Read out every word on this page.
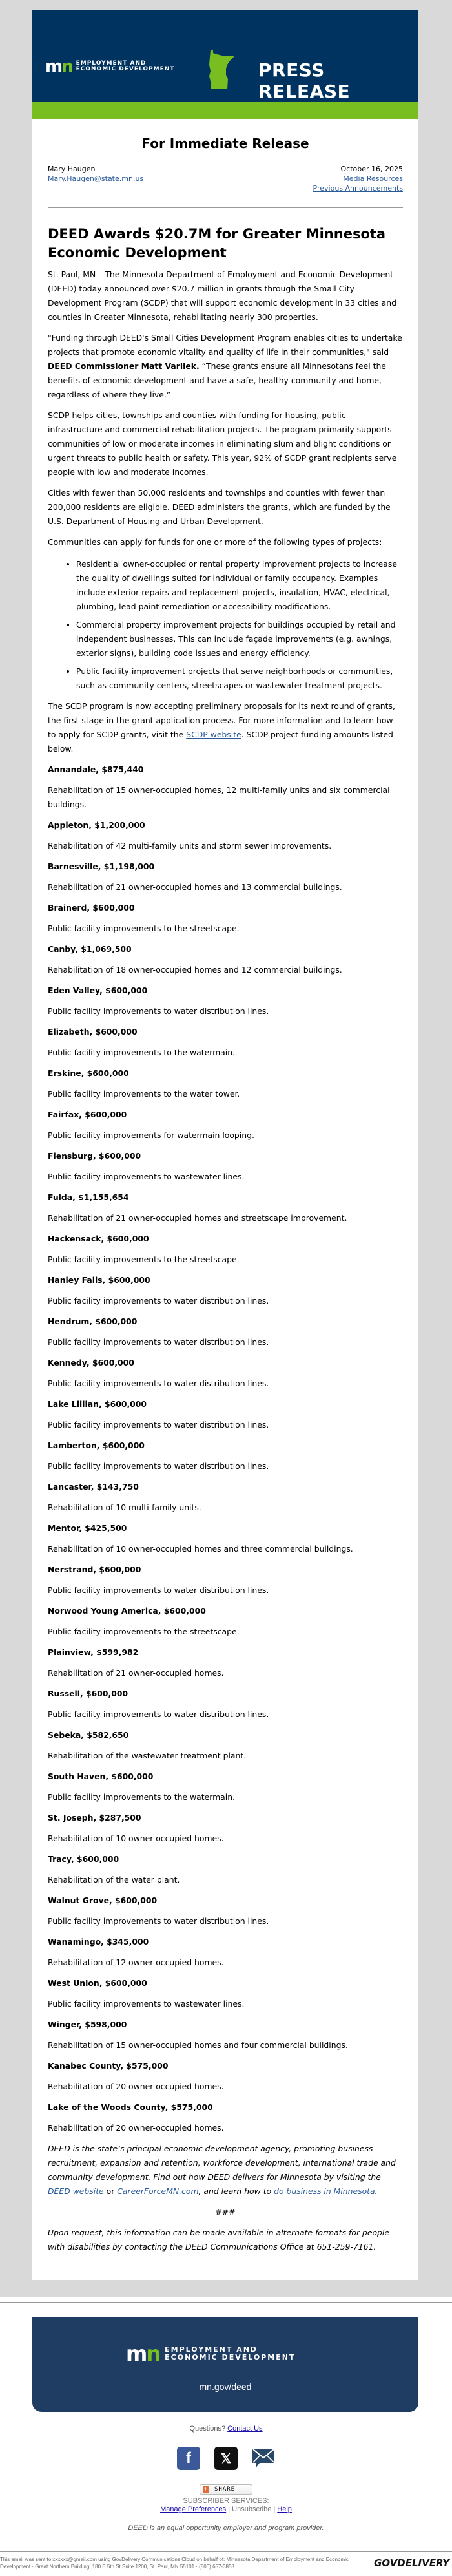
mn EMPLOYMENT AND
ECONOMIC DEVELOPMENT	PRESS RELEASE
For Immediate Release
Mary Haugen
Mary.Haugen@state.mn.us
October 16, 2025
Media Resources
Previous Announcements
DEED Awards $20.7M for Greater Minnesota Economic Development

St. Paul, MN – The Minnesota Department of Employment and Economic Development (DEED) today announced over $20.7 million in grants through the Small City Development Program (SCDP) that will support economic development in 33 cities and counties in Greater Minnesota, rehabilitating nearly 300 properties.

"Funding through DEED's Small Cities Development Program enables cities to undertake projects that promote economic vitality and quality of life in their communities," said DEED Commissioner Matt Varilek. “These grants ensure all Minnesotans feel the benefits of economic development and have a safe, healthy community and home, regardless of where they live.”

SCDP helps cities, townships and counties with funding for housing, public infrastructure and commercial rehabilitation projects. The program primarily supports communities of low or moderate incomes in eliminating slum and blight conditions or urgent threats to public health or safety. This year, 92% of SCDP grant recipients serve people with low and moderate incomes.

Cities with fewer than 50,000 residents and townships and counties with fewer than 200,000 residents are eligible. DEED administers the grants, which are funded by the U.S. Department of Housing and Urban Development.

Communities can apply for funds for one or more of the following types of projects:

• Residential owner-occupied or rental property improvement projects to increase the quality of dwellings suited for individual or family occupancy. Examples include exterior repairs and replacement projects, insulation, HVAC, electrical, plumbing, lead paint remediation or accessibility modifications.
• Commercial property improvement projects for buildings occupied by retail and independent businesses. This can include façade improvements (e.g. awnings, exterior signs), building code issues and energy efficiency.
• Public facility improvement projects that serve neighborhoods or communities, such as community centers, streetscapes or wastewater treatment projects.

The SCDP program is now accepting preliminary proposals for its next round of grants, the first stage in the grant application process. For more information and to learn how to apply for SCDP grants, visit the SCDP website. SCDP project funding amounts listed below.

Annandale, $875,440
Rehabilitation of 15 owner-occupied homes, 12 multi-family units and six commercial buildings.
Appleton, $1,200,000
Rehabilitation of 42 multi-family units and storm sewer improvements.
Barnesville, $1,198,000
Rehabilitation of 21 owner-occupied homes and 13 commercial buildings.
Brainerd, $600,000
Public facility improvements to the streetscape.
Canby, $1,069,500
Rehabilitation of 18 owner-occupied homes and 12 commercial buildings.
Eden Valley, $600,000
Public facility improvements to water distribution lines.
Elizabeth, $600,000
Public facility improvements to the watermain.
Erskine, $600,000
Public facility improvements to the water tower.
Fairfax, $600,000
Public facility improvements for watermain looping.
Flensburg, $600,000
Public facility improvements to wastewater lines.
Fulda, $1,155,654
Rehabilitation of 21 owner-occupied homes and streetscape improvement.
Hackensack, $600,000
Public facility improvements to the streetscape.
Hanley Falls, $600,000
Public facility improvements to water distribution lines.
Hendrum, $600,000
Public facility improvements to water distribution lines.
Kennedy, $600,000
Public facility improvements to water distribution lines.
Lake Lillian, $600,000
Public facility improvements to water distribution lines.
Lamberton, $600,000
Public facility improvements to water distribution lines.
Lancaster, $143,750
Rehabilitation of 10 multi-family units.
Mentor, $425,500
Rehabilitation of 10 owner-occupied homes and three commercial buildings.
Nerstrand, $600,000
Public facility improvements to water distribution lines.
Norwood Young America, $600,000
Public facility improvements to the streetscape.
Plainview, $599,982
Rehabilitation of 21 owner-occupied homes.
Russell, $600,000
Public facility improvements to water distribution lines.
Sebeka, $582,650
Rehabilitation of the wastewater treatment plant.
South Haven, $600,000
Public facility improvements to the watermain.
St. Joseph, $287,500
Rehabilitation of 10 owner-occupied homes.
Tracy, $600,000
Rehabilitation of the water plant.
Walnut Grove, $600,000
Public facility improvements to water distribution lines.
Wanamingo, $345,000
Rehabilitation of 12 owner-occupied homes.
West Union, $600,000
Public facility improvements to wastewater lines.
Winger, $598,000
Rehabilitation of 15 owner-occupied homes and four commercial buildings.
Kanabec County, $575,000
Rehabilitation of 20 owner-occupied homes.
Lake of the Woods County, $575,000
Rehabilitation of 20 owner-occupied homes.

DEED is the state’s principal economic development agency, promoting business recruitment, expansion and retention, workforce development, international trade and community development. Find out how DEED delivers for Minnesota by visiting the DEED website or CareerForceMN.com, and learn how to do business in Minnesota.

###

Upon request, this information can be made available in alternate formats for people with disabilities by contacting the DEED Communications Office at 651-259-7161.

mn EMPLOYMENT AND
ECONOMIC DEVELOPMENT
mn.gov/deed
Questions? Contact Us
f	𝕏
+ SHARE
SUBSCRIBER SERVICES:
Manage Preferences | Unsubscribe | Help
DEED is an equal opportunity employer and program provider.
This email was sent to xxxxxx@gmail.com using GovDelivery Communications Cloud on behalf of: Minnesota Department of Employment and Economic Development · Great Northern Building, 180 E 5th St Suite 1200, St. Paul, MN 55101 · (800) 657-3858	GOVDELIVERY
